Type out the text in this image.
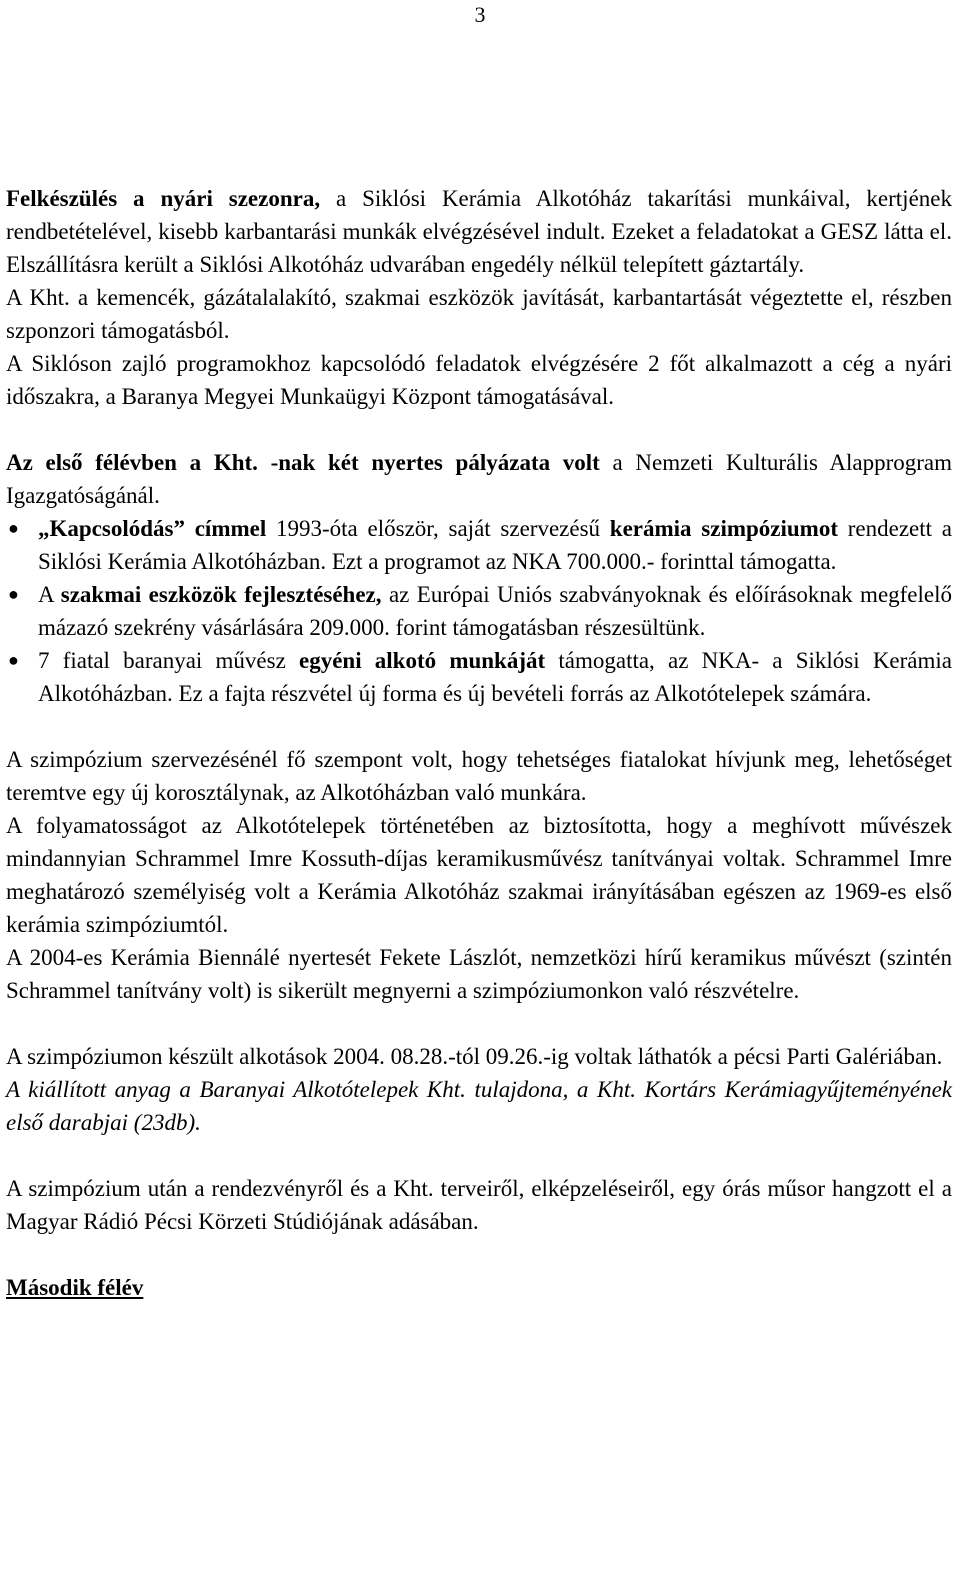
3

Felkészülés a nyári szezonra, a Siklósi Kerámia Alkotóház takarítási munkáival, kertjének rendbetételével, kisebb karbantarási munkák elvégzésével indult. Ezeket a feladatokat a GESZ látta el. Elszállításra került a Siklósi Alkotóház udvarában engedély nélkül telepített gáztartály.

A Kht. a kemencék, gázátalalakító, szakmai eszközök javítását, karbantartását végeztette el, részben szponzori támogatásból.

A Siklóson zajló programokhoz kapcsolódó feladatok elvégzésére 2 főt alkalmazott a cég a nyári időszakra, a Baranya Megyei Munkaügyi Központ támogatásával.

Az első félévben a Kht. -nak két nyertes pályázata volt a Nemzeti Kulturális Alapprogram Igazgatóságánál.

● „Kapcsolódás” címmel 1993-óta először, saját szervezésű kerámia szimpóziumot rendezett a Siklósi Kerámia Alkotóházban. Ezt a programot az NKA 700.000.- forinttal támogatta.
● A szakmai eszközök fejlesztéséhez, az Európai Uniós szabványoknak és előírásoknak megfelelő mázazó szekrény vásárlására 209.000. forint támogatásban részesültünk.
● 7 fiatal baranyai művész egyéni alkotó munkáját támogatta, az NKA- a Siklósi Kerámia Alkotóházban. Ez a fajta részvétel új forma és új bevételi forrás az Alkotótelepek számára.

A szimpózium szervezésénél fő szempont volt, hogy tehetséges fiatalokat hívjunk meg, lehetőséget teremtve egy új korosztálynak, az Alkotóházban való munkára.

A folyamatosságot az Alkotótelepek történetében az biztosította, hogy a meghívott művészek mindannyian Schrammel Imre Kossuth-díjas keramikusművész tanítványai voltak. Schrammel Imre meghatározó személyiség volt a Kerámia Alkotóház szakmai irányításában egészen az 1969-es első kerámia szimpóziumtól.

A 2004-es Kerámia Biennálé nyertesét Fekete Lászlót, nemzetközi hírű keramikus művészt (szintén Schrammel tanítvány volt) is sikerült megnyerni a szimpóziumonkon való részvételre.

A szimpóziumon készült alkotások 2004. 08.28.-tól 09.26.-ig voltak láthatók a pécsi Parti Galériában.

A kiállított anyag a Baranyai Alkotótelepek Kht. tulajdona, a Kht. Kortárs Kerámiagyűjteményének első darabjai (23db).

A szimpózium után a rendezvényről és a Kht. terveiről, elképzeléseiről, egy órás műsor hangzott el a Magyar Rádió Pécsi Körzeti Stúdiójának adásában.

Második félév
